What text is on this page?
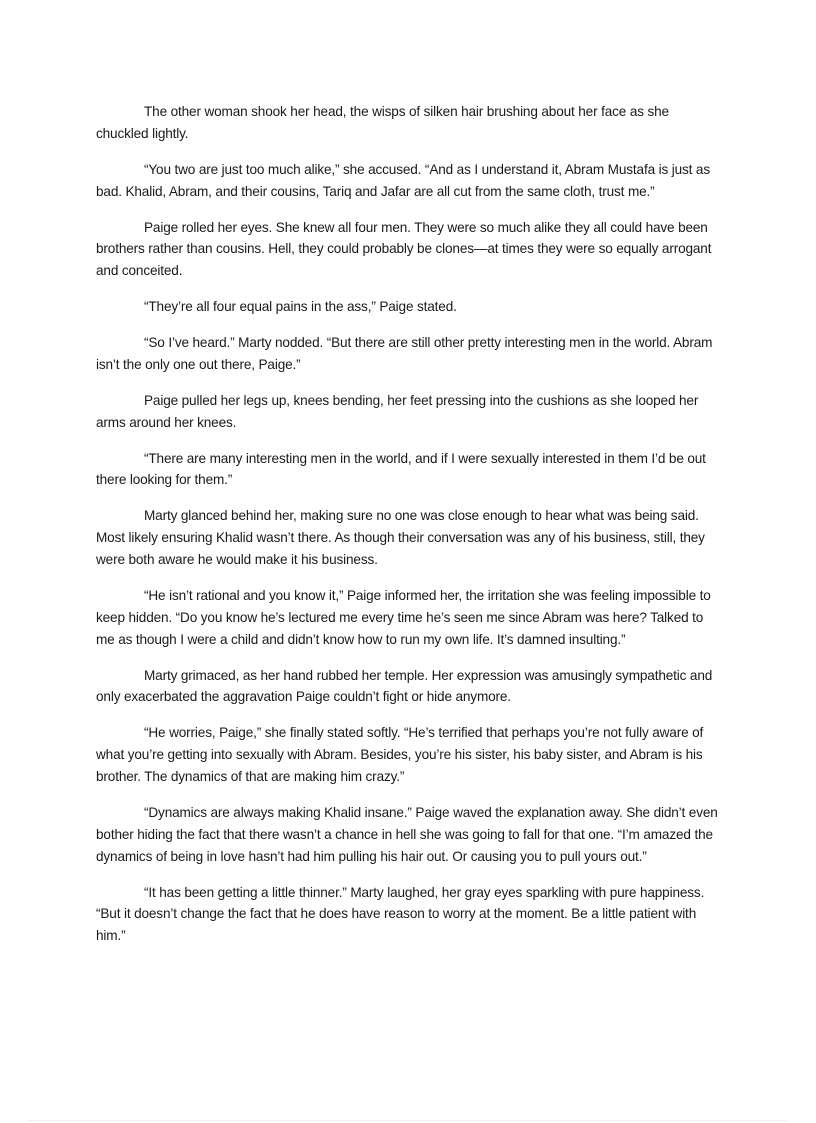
The other woman shook her head, the wisps of silken hair brushing about her face as she chuckled lightly.

“You two are just too much alike,” she accused. “And as I understand it, Abram Mustafa is just as bad. Khalid, Abram, and their cousins, Tariq and Jafar are all cut from the same cloth, trust me.”

Paige rolled her eyes. She knew all four men. They were so much alike they all could have been brothers rather than cousins. Hell, they could probably be clones—at times they were so equally arrogant and conceited.

“They’re all four equal pains in the ass,” Paige stated.

“So I’ve heard.” Marty nodded. “But there are still other pretty interesting men in the world. Abram isn’t the only one out there, Paige.”

Paige pulled her legs up, knees bending, her feet pressing into the cushions as she looped her arms around her knees.

“There are many interesting men in the world, and if I were sexually interested in them I’d be out there looking for them.”

Marty glanced behind her, making sure no one was close enough to hear what was being said. Most likely ensuring Khalid wasn’t there. As though their conversation was any of his business, still, they were both aware he would make it his business.

“He isn’t rational and you know it,” Paige informed her, the irritation she was feeling impossible to keep hidden. “Do you know he’s lectured me every time he’s seen me since Abram was here? Talked to me as though I were a child and didn’t know how to run my own life. It’s damned insulting.”

Marty grimaced, as her hand rubbed her temple. Her expression was amusingly sympathetic and only exacerbated the aggravation Paige couldn’t fight or hide anymore.

“He worries, Paige,” she finally stated softly. “He’s terrified that perhaps you’re not fully aware of what you’re getting into sexually with Abram. Besides, you’re his sister, his baby sister, and Abram is his brother. The dynamics of that are making him crazy.”

“Dynamics are always making Khalid insane.” Paige waved the explanation away. She didn’t even bother hiding the fact that there wasn’t a chance in hell she was going to fall for that one. “I’m amazed the dynamics of being in love hasn’t had him pulling his hair out. Or causing you to pull yours out.”

“It has been getting a little thinner.” Marty laughed, her gray eyes sparkling with pure happiness. “But it doesn’t change the fact that he does have reason to worry at the moment. Be a little patient with him.”
